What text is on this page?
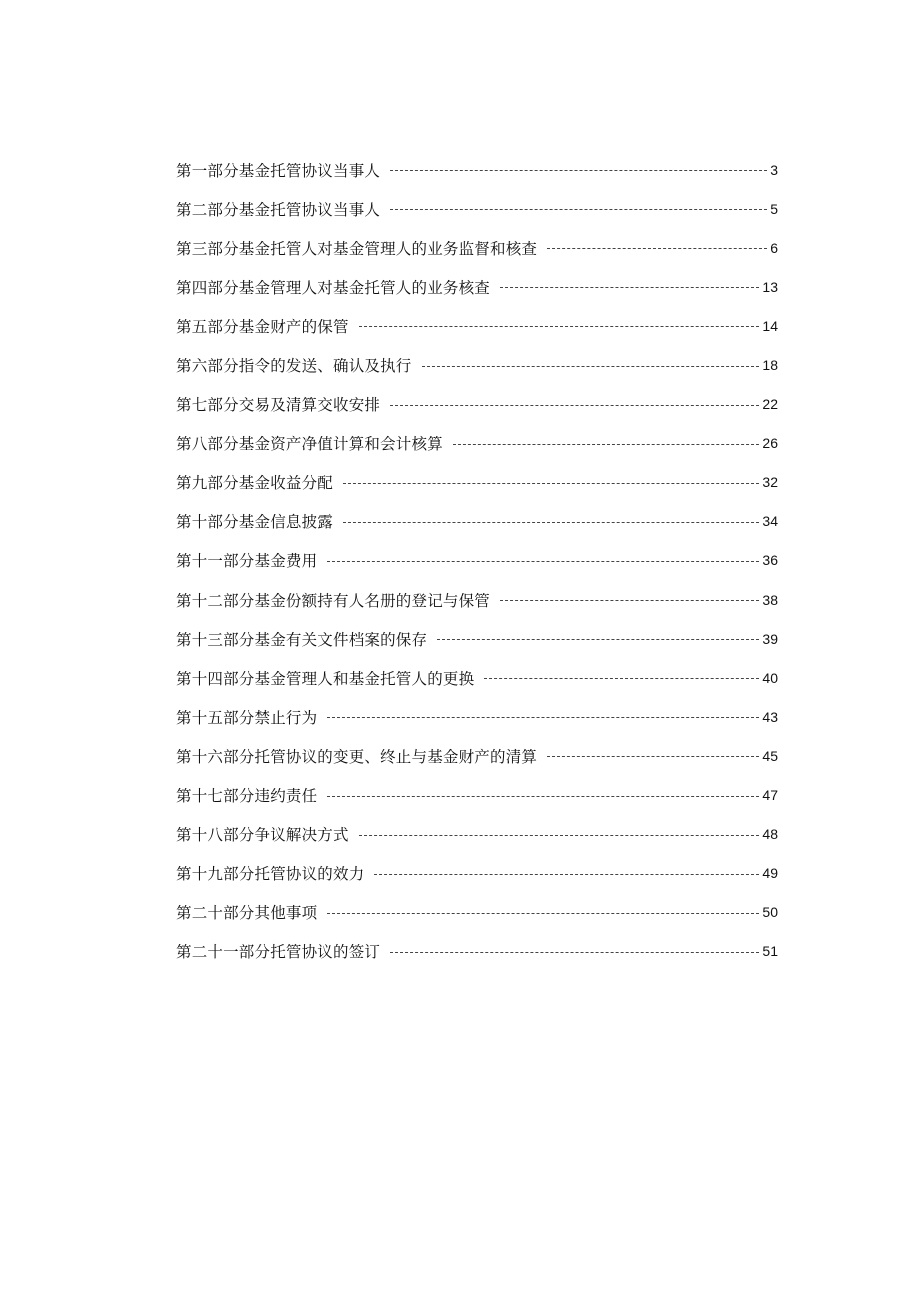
第一部分基金托管协议当事人	3
第二部分基金托管协议当事人	5
第三部分基金托管人对基金管理人的业务监督和核查	6
第四部分基金管理人对基金托管人的业务核查	13
第五部分基金财产的保管	14
第六部分指令的发送、确认及执行	18
第七部分交易及清算交收安排	22
第八部分基金资产净值计算和会计核算	26
第九部分基金收益分配	32
第十部分基金信息披露	34
第十一部分基金费用	36
第十二部分基金份额持有人名册的登记与保管	38
第十三部分基金有关文件档案的保存	39
第十四部分基金管理人和基金托管人的更换	40
第十五部分禁止行为	43
第十六部分托管协议的变更、终止与基金财产的清算	45
第十七部分违约责任	47
第十八部分争议解决方式	48
第十九部分托管协议的效力	49
第二十部分其他事项	50
第二十一部分托管协议的签订	51
